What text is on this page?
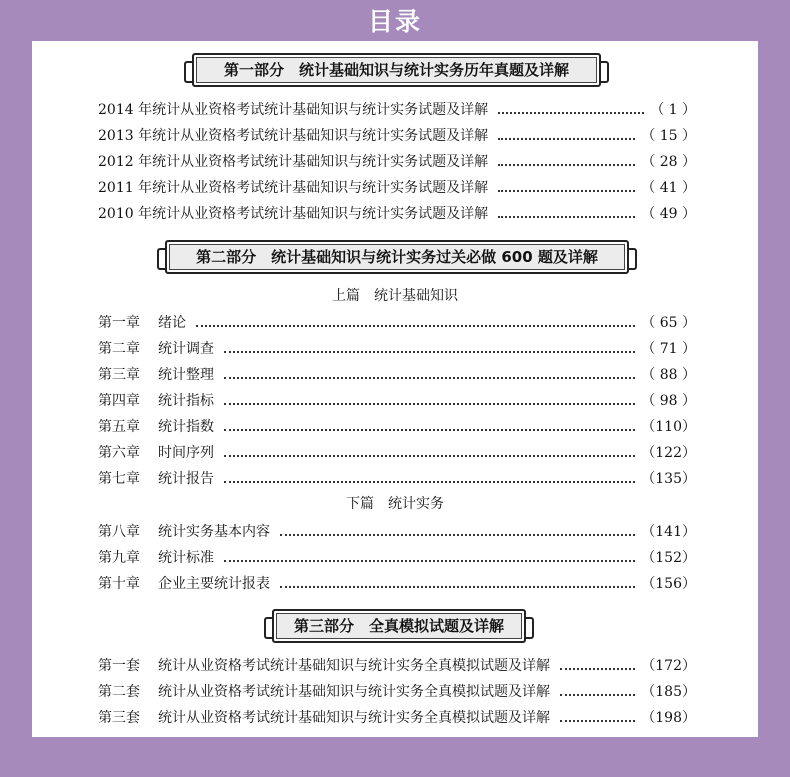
目录
第一部分　统计基础知识与统计实务历年真题及详解
2014 年统计从业资格考试统计基础知识与统计实务试题及详解	（ 1 ）
2013 年统计从业资格考试统计基础知识与统计实务试题及详解	（ 15 ）
2012 年统计从业资格考试统计基础知识与统计实务试题及详解	（ 28 ）
2011 年统计从业资格考试统计基础知识与统计实务试题及详解	（ 41 ）
2010 年统计从业资格考试统计基础知识与统计实务试题及详解	（ 49 ）
第二部分　统计基础知识与统计实务过关必做 600 题及详解
上篇　统计基础知识
第一章	绪论	（ 65 ）
第二章	统计调查	（ 71 ）
第三章	统计整理	（ 88 ）
第四章	统计指标	（ 98 ）
第五章	统计指数	（110）
第六章	时间序列	（122）
第七章	统计报告	（135）
下篇　统计实务
第八章	统计实务基本内容	（141）
第九章	统计标准	（152）
第十章	企业主要统计报表	（156）
第三部分　全真模拟试题及详解
第一套	统计从业资格考试统计基础知识与统计实务全真模拟试题及详解	（172）
第二套	统计从业资格考试统计基础知识与统计实务全真模拟试题及详解	（185）
第三套	统计从业资格考试统计基础知识与统计实务全真模拟试题及详解	（198）
